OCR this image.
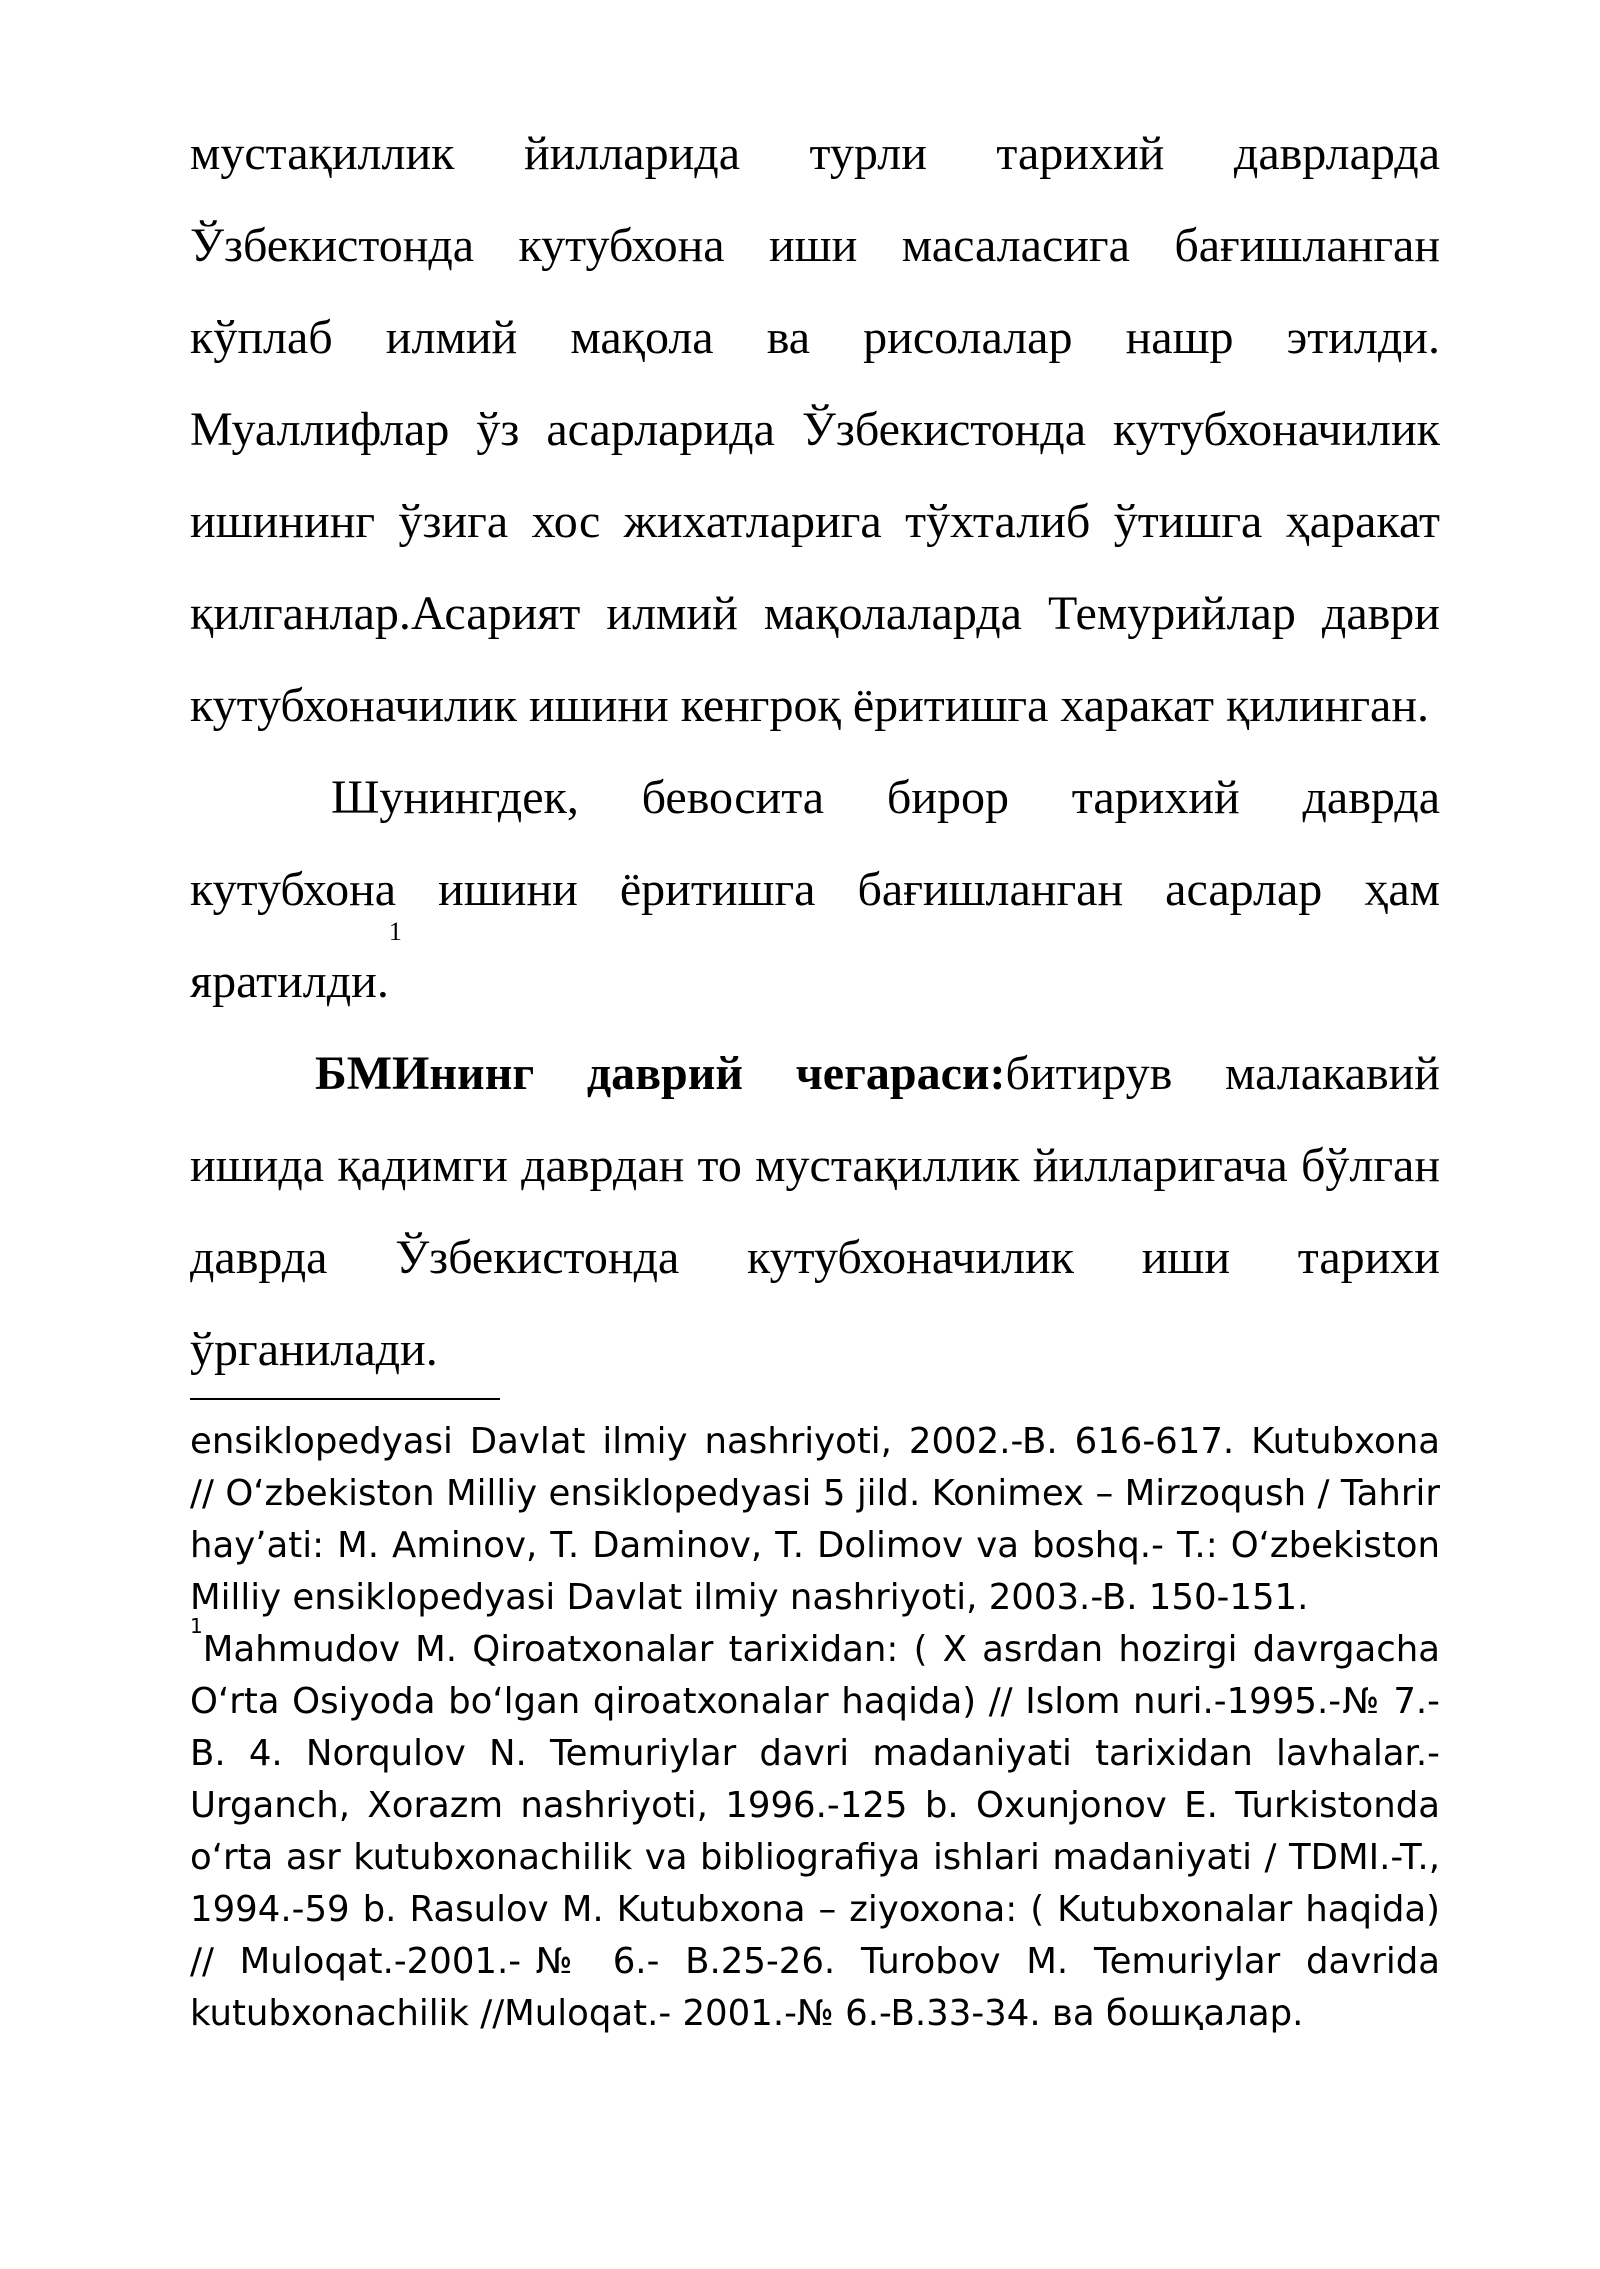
мустақиллик йилларида турли тарихий даврларда Ўзбекистонда кутубхона иши масаласига бағишланган кўплаб илмий мақола ва рисолалар нашр этилди. Муаллифлар ўз асарларида Ўзбекистонда кутубхоначилик ишининг ўзига хос жихатларига тўхталиб ўтишга ҳаракат қилганлар.Асарият илмий мақолаларда Темурийлар даври кутубхоначилик ишини кенгроқ ёритишга харакат қилинган.

Шунингдек, бевосита бирор тарихий даврда кутубхона ишини ёритишга бағишланган асарлар ҳам яратилди.$^1$

БМИнинг даврий чегараси:битирув малакавий ишида қадимги даврдан то мустақиллик йилларигача бўлган даврда Ўзбекистонда кутубхоначилик иши тарихи ўрганилади.

ensiklopedyasi Davlat ilmiy nashriyoti, 2002.-B. 616-617. Kutubxona // O‘zbekiston Milliy ensiklopedyasi 5 jild. Konimex – Mirzoqush / Tahrir hay’ati: M. Aminov, T. Daminov, T. Dolimov va boshq.- T.: O‘zbekiston Milliy ensiklopedyasi Davlat ilmiy nashriyoti, 2003.-B. 150-151.

$^1$Mahmudov M. Qiroatxonalar tarixidan: ( X asrdan hozirgi davrgacha O‘rta Osiyoda bo‘lgan qiroatxonalar haqida) // Islom nuri.-1995.-№ 7.- B. 4. Norqulov N. Temuriylar davri madaniyati tarixidan lavhalar.-Urganch, Xorazm nashriyoti, 1996.-125 b. Oxunjonov E. Turkistonda o‘rta asr kutubxonachilik va bibliografiya ishlari madaniyati / TDMI.-T., 1994.-59 b. Rasulov M. Kutubxona – ziyoxona: ( Kutubxonalar haqida) // Muloqat.-2001.-№ 6.- B.25-26. Turobov M. Temuriylar davrida kutubxonachilik //Muloqat.- 2001.-№ 6.-B.33-34. ва бошқалар.
